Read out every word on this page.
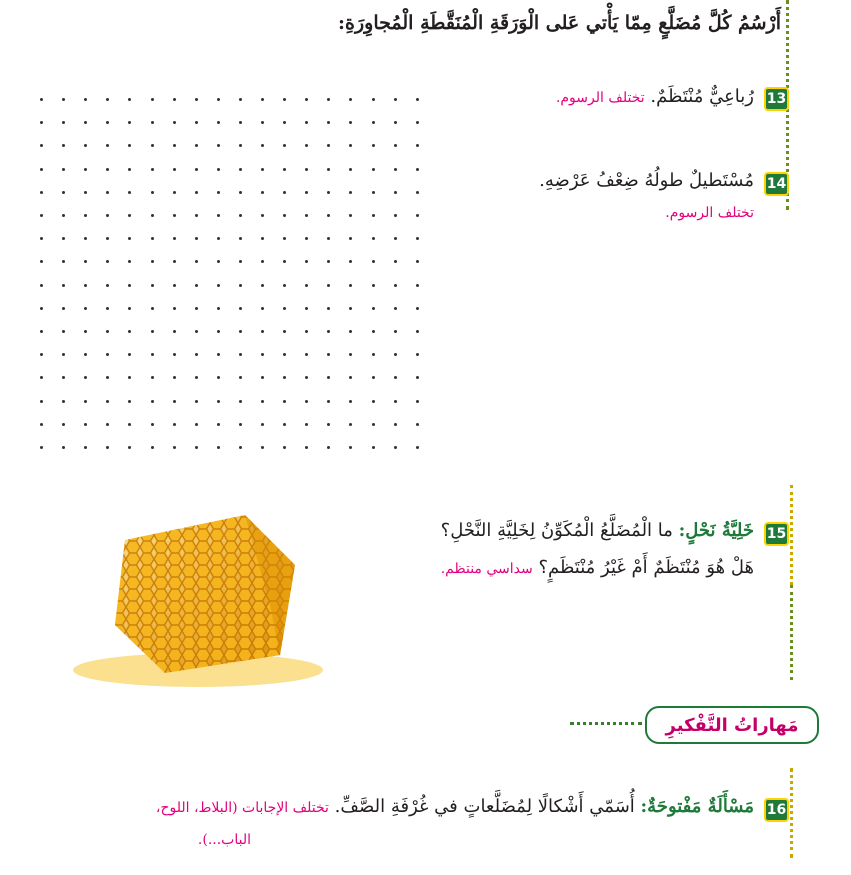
أَرْسُمُ كُلَّ مُضَلَّعٍ مِمّا يَأْتي عَلى الْوَرَقَةِ الْمُنَقَّطَةِ الْمُجاوِرَةِ:
13
رُباعِيٌّ مُنْتَظَمٌ. تختلف الرسوم.
14
مُسْتَطيلٌ طولُهُ ضِعْفُ عَرْضِهِ.
تختلف الرسوم.
15
خَلِيَّةُ نَحْلٍ: ما الْمُضَلَّعُ الْمُكَوِّنُ لِخَلِيَّةِ النَّحْلِ؟
هَلْ هُوَ مُنْتَظَمٌ أَمْ غَيْرُ مُنْتَظَمٍ؟ سداسي منتظم.
مَهاراتُ التَّفْكيرِ
16
مَسْأَلَةٌ مَفْتوحَةٌ: أُسَمّي أَشْكالًا لِمُضَلَّعاتٍ في غُرْفَةِ الصَّفِّ. تختلف الإجابات (البلاط، اللوح،
الباب...).
